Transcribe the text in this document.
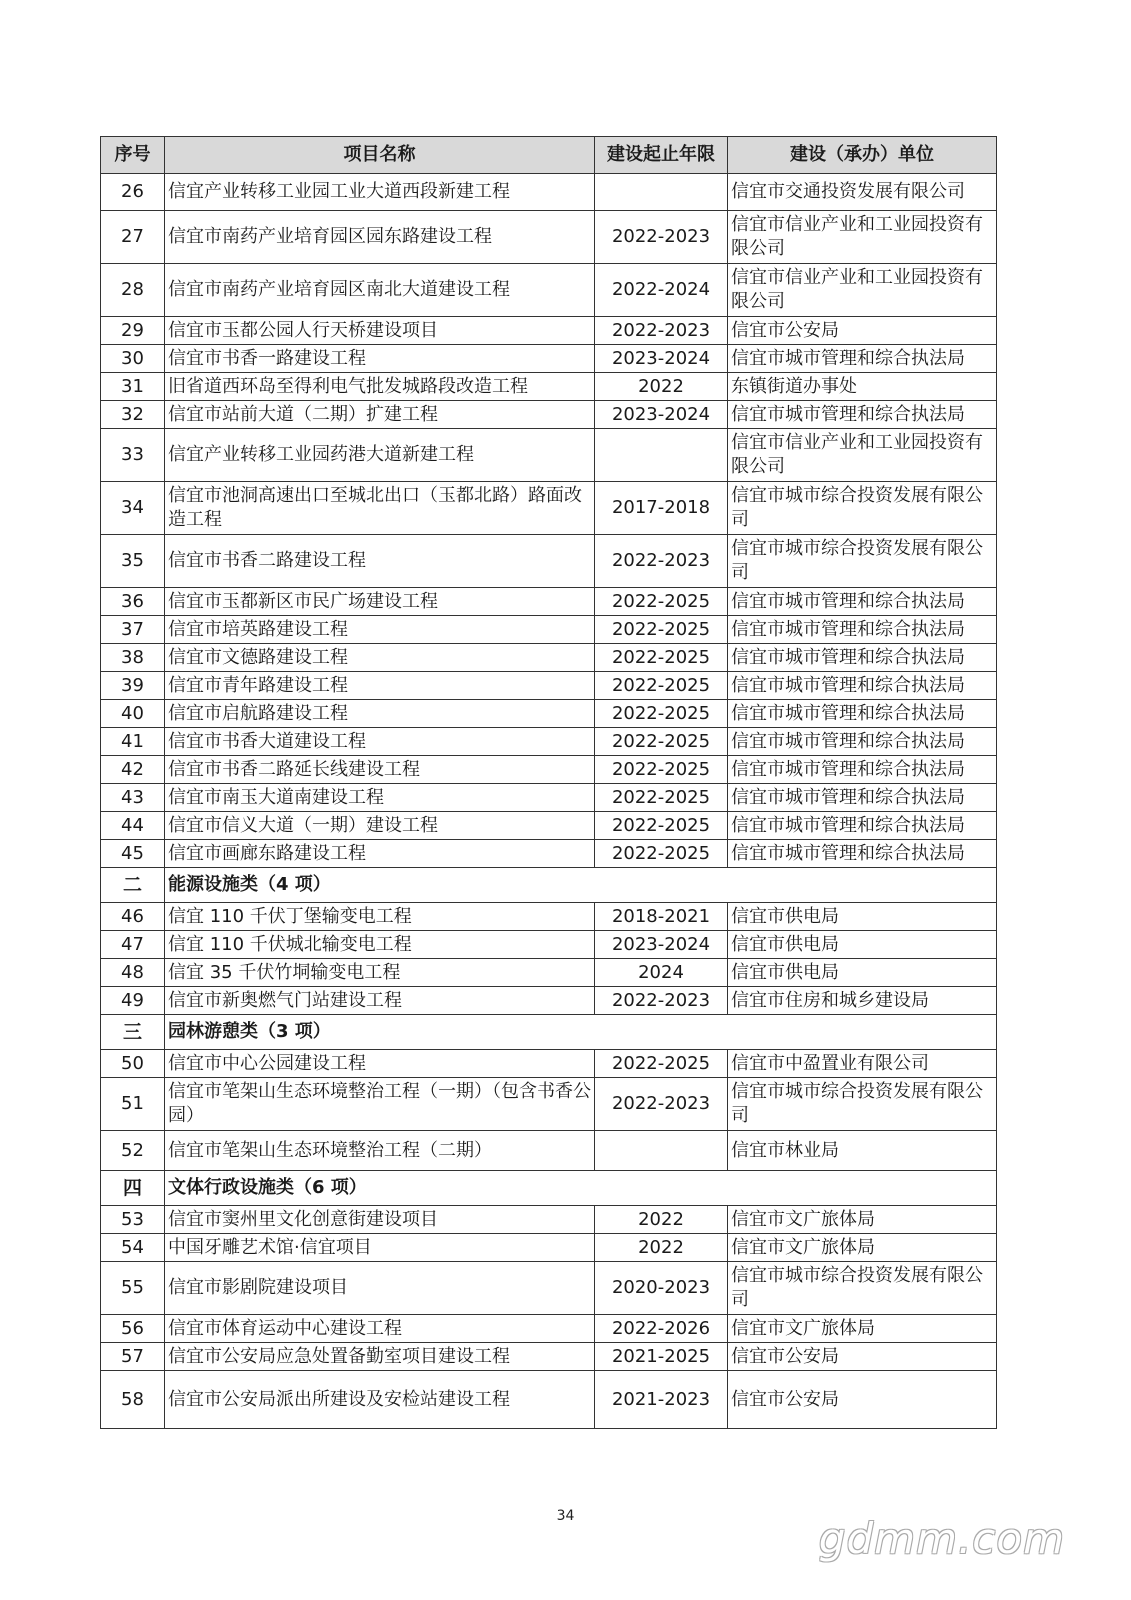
序号	项目名称	建设起止年限	建设（承办）单位
26	信宜产业转移工业园工业大道西段新建工程		信宜市交通投资发展有限公司
27	信宜市南药产业培育园区园东路建设工程	2022-2023	信宜市信业产业和工业园投资有限公司
28	信宜市南药产业培育园区南北大道建设工程	2022-2024	信宜市信业产业和工业园投资有限公司
29	信宜市玉都公园人行天桥建设项目	2022-2023	信宜市公安局
30	信宜市书香一路建设工程	2023-2024	信宜市城市管理和综合执法局
31	旧省道西环岛至得利电气批发城路段改造工程	2022	东镇街道办事处
32	信宜市站前大道（二期）扩建工程	2023-2024	信宜市城市管理和综合执法局
33	信宜产业转移工业园药港大道新建工程		信宜市信业产业和工业园投资有限公司
34	信宜市池洞高速出口至城北出口（玉都北路）路面改造工程	2017-2018	信宜市城市综合投资发展有限公司
35	信宜市书香二路建设工程	2022-2023	信宜市城市综合投资发展有限公司
36	信宜市玉都新区市民广场建设工程	2022-2025	信宜市城市管理和综合执法局
37	信宜市培英路建设工程	2022-2025	信宜市城市管理和综合执法局
38	信宜市文德路建设工程	2022-2025	信宜市城市管理和综合执法局
39	信宜市青年路建设工程	2022-2025	信宜市城市管理和综合执法局
40	信宜市启航路建设工程	2022-2025	信宜市城市管理和综合执法局
41	信宜市书香大道建设工程	2022-2025	信宜市城市管理和综合执法局
42	信宜市书香二路延长线建设工程	2022-2025	信宜市城市管理和综合执法局
43	信宜市南玉大道南建设工程	2022-2025	信宜市城市管理和综合执法局
44	信宜市信义大道（一期）建设工程	2022-2025	信宜市城市管理和综合执法局
45	信宜市画廊东路建设工程	2022-2025	信宜市城市管理和综合执法局
二	能源设施类（4 项）		
46	信宜 110 千伏丁堡输变电工程	2018-2021	信宜市供电局
47	信宜 110 千伏城北输变电工程	2023-2024	信宜市供电局
48	信宜 35 千伏竹垌输变电工程	2024	信宜市供电局
49	信宜市新奥燃气门站建设工程	2022-2023	信宜市住房和城乡建设局
三	园林游憩类（3 项）		
50	信宜市中心公园建设工程	2022-2025	信宜市中盈置业有限公司
51	信宜市笔架山生态环境整治工程（一期）（包含书香公园）	2022-2023	信宜市城市综合投资发展有限公司
52	信宜市笔架山生态环境整治工程（二期）		信宜市林业局
四	文体行政设施类（6 项）		
53	信宜市窦州里文化创意街建设项目	2022	信宜市文广旅体局
54	中国牙雕艺术馆·信宜项目	2022	信宜市文广旅体局
55	信宜市影剧院建设项目	2020-2023	信宜市城市综合投资发展有限公司
56	信宜市体育运动中心建设工程	2022-2026	信宜市文广旅体局
57	信宜市公安局应急处置备勤室项目建设工程	2021-2025	信宜市公安局
58	信宜市公安局派出所建设及安检站建设工程	2021-2023	信宜市公安局
34	gdmm.com
